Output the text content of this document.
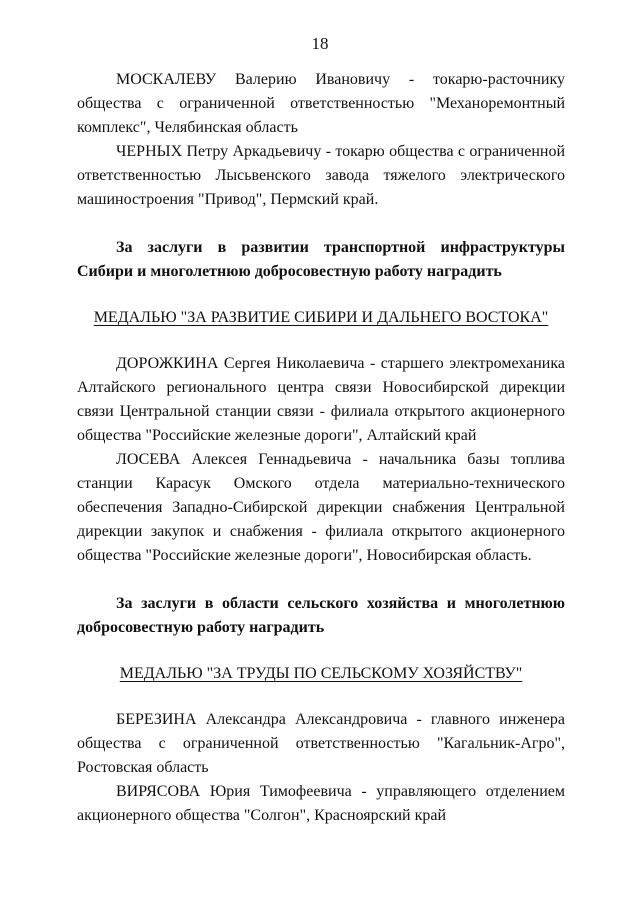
18

МОСКАЛЕВУ Валерию Ивановичу - токарю-расточнику общества с ограниченной ответственностью "Механоремонтный комплекс", Челябинская область

ЧЕРНЫХ Петру Аркадьевичу - токарю общества с ограниченной ответственностью Лысьвенского завода тяжелого электрического машиностроения "Привод", Пермский край.

За заслуги в развитии транспортной инфраструктуры Сибири и многолетнюю добросовестную работу наградить

МЕДАЛЬЮ "ЗА РАЗВИТИЕ СИБИРИ И ДАЛЬНЕГО ВОСТОКА"

ДОРОЖКИНА Сергея Николаевича - старшего электромеханика Алтайского регионального центра связи Новосибирской дирекции связи Центральной станции связи - филиала открытого акционерного общества "Российские железные дороги", Алтайский край

ЛОСЕВА Алексея Геннадьевича - начальника базы топлива станции Карасук Омского отдела материально-технического обеспечения Западно-Сибирской дирекции снабжения Центральной дирекции закупок и снабжения - филиала открытого акционерного общества "Российские железные дороги", Новосибирская область.

За заслуги в области сельского хозяйства и многолетнюю добросовестную работу наградить

МЕДАЛЬЮ "ЗА ТРУДЫ ПО СЕЛЬСКОМУ ХОЗЯЙСТВУ"

БЕРЕЗИНА Александра Александровича - главного инженера общества с ограниченной ответственностью "Кагальник-Агро", Ростовская область

ВИРЯСОВА Юрия Тимофеевича - управляющего отделением акционерного общества "Солгон", Красноярский край
